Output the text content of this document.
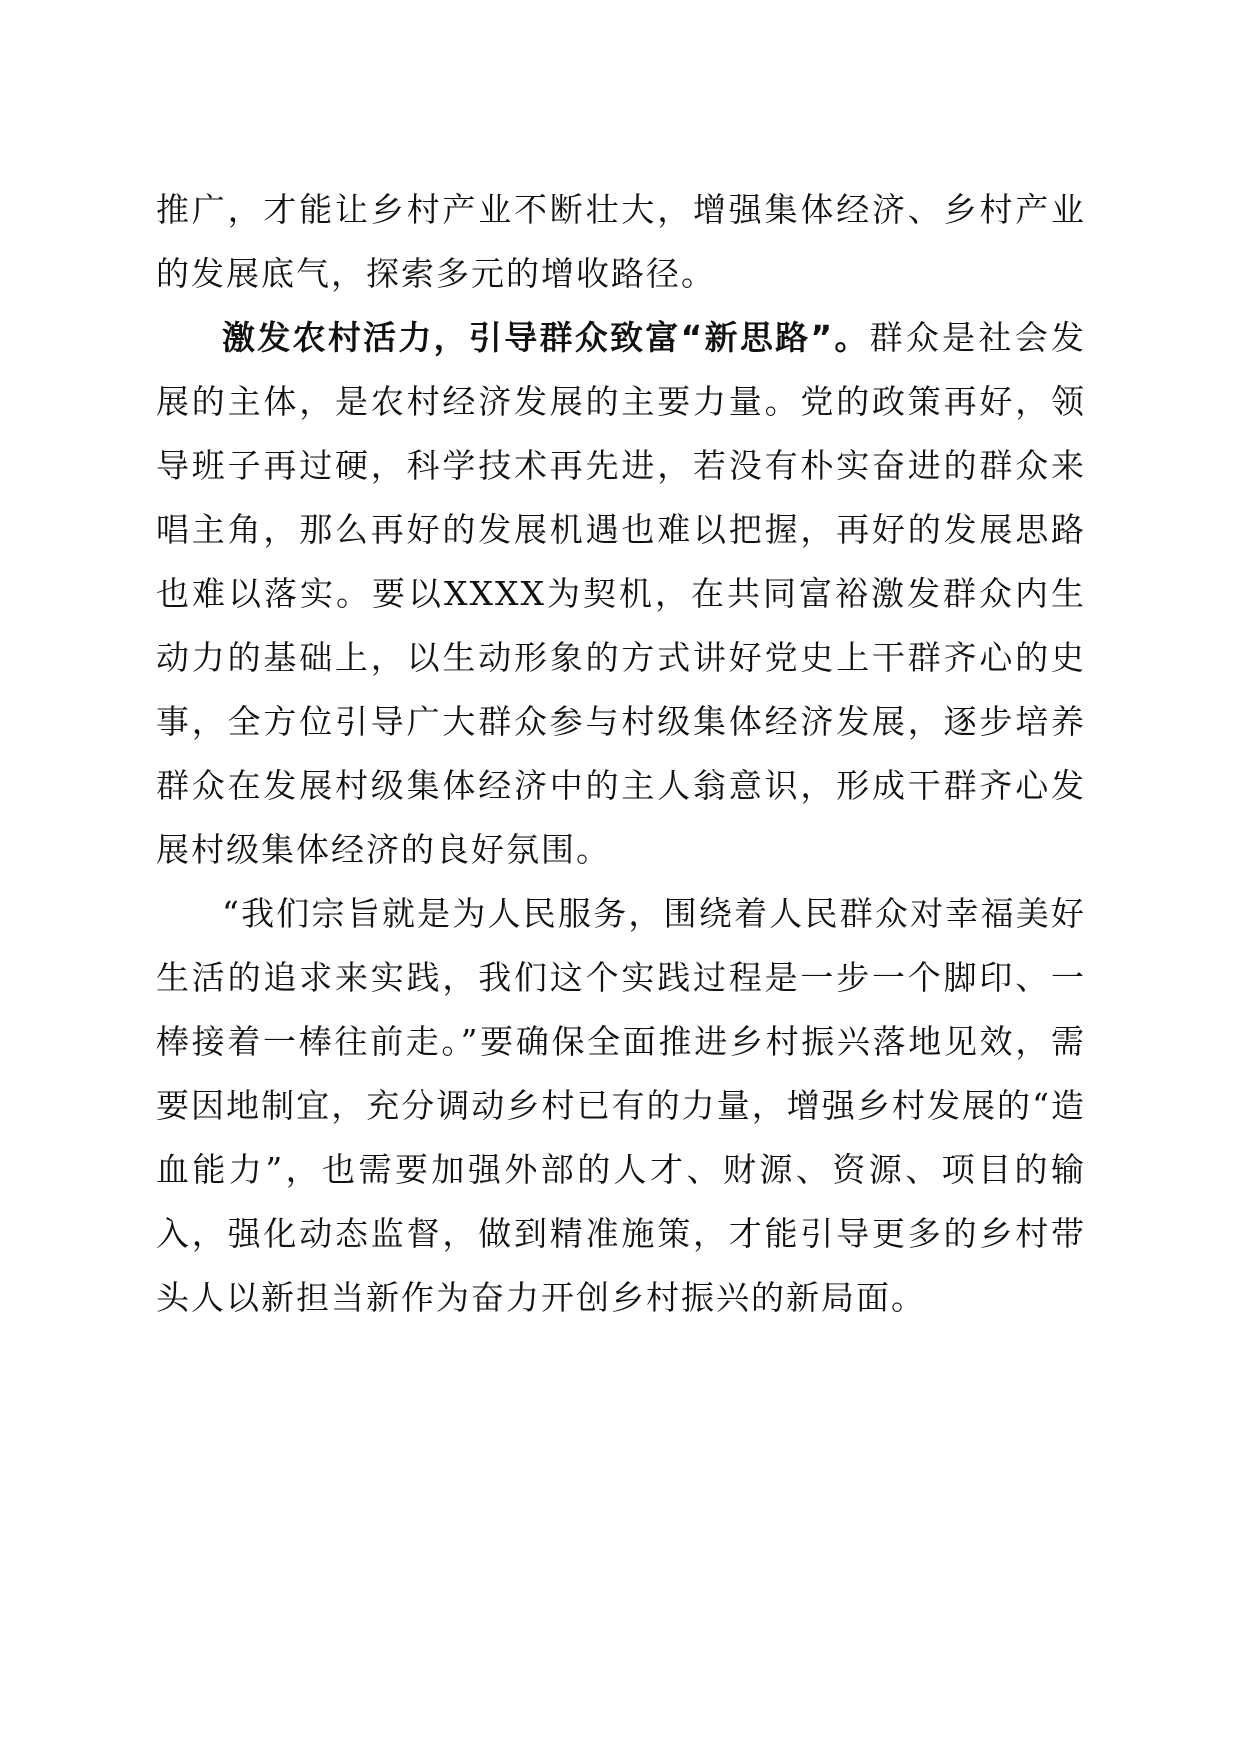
推广，才能让乡村产业不断壮大，增强集体经济、乡村产业的发展底气，探索多元的增收路径。

激发农村活力，引导群众致富“新思路”。群众是社会发展的主体，是农村经济发展的主要力量。党的政策再好，领导班子再过硬，科学技术再先进，若没有朴实奋进的群众来唱主角，那么再好的发展机遇也难以把握，再好的发展思路也难以落实。要以XXXX为契机，在共同富裕激发群众内生动力的基础上，以生动形象的方式讲好党史上干群齐心的史事，全方位引导广大群众参与村级集体经济发展，逐步培养群众在发展村级集体经济中的主人翁意识，形成干群齐心发展村级集体经济的良好氛围。

“我们宗旨就是为人民服务，围绕着人民群众对幸福美好生活的追求来实践，我们这个实践过程是一步一个脚印、一棒接着一棒往前走。”要确保全面推进乡村振兴落地见效，需要因地制宜，充分调动乡村已有的力量，增强乡村发展的“造血能力”，也需要加强外部的人才、财源、资源、项目的输入，强化动态监督，做到精准施策，才能引导更多的乡村带头人以新担当新作为奋力开创乡村振兴的新局面。
